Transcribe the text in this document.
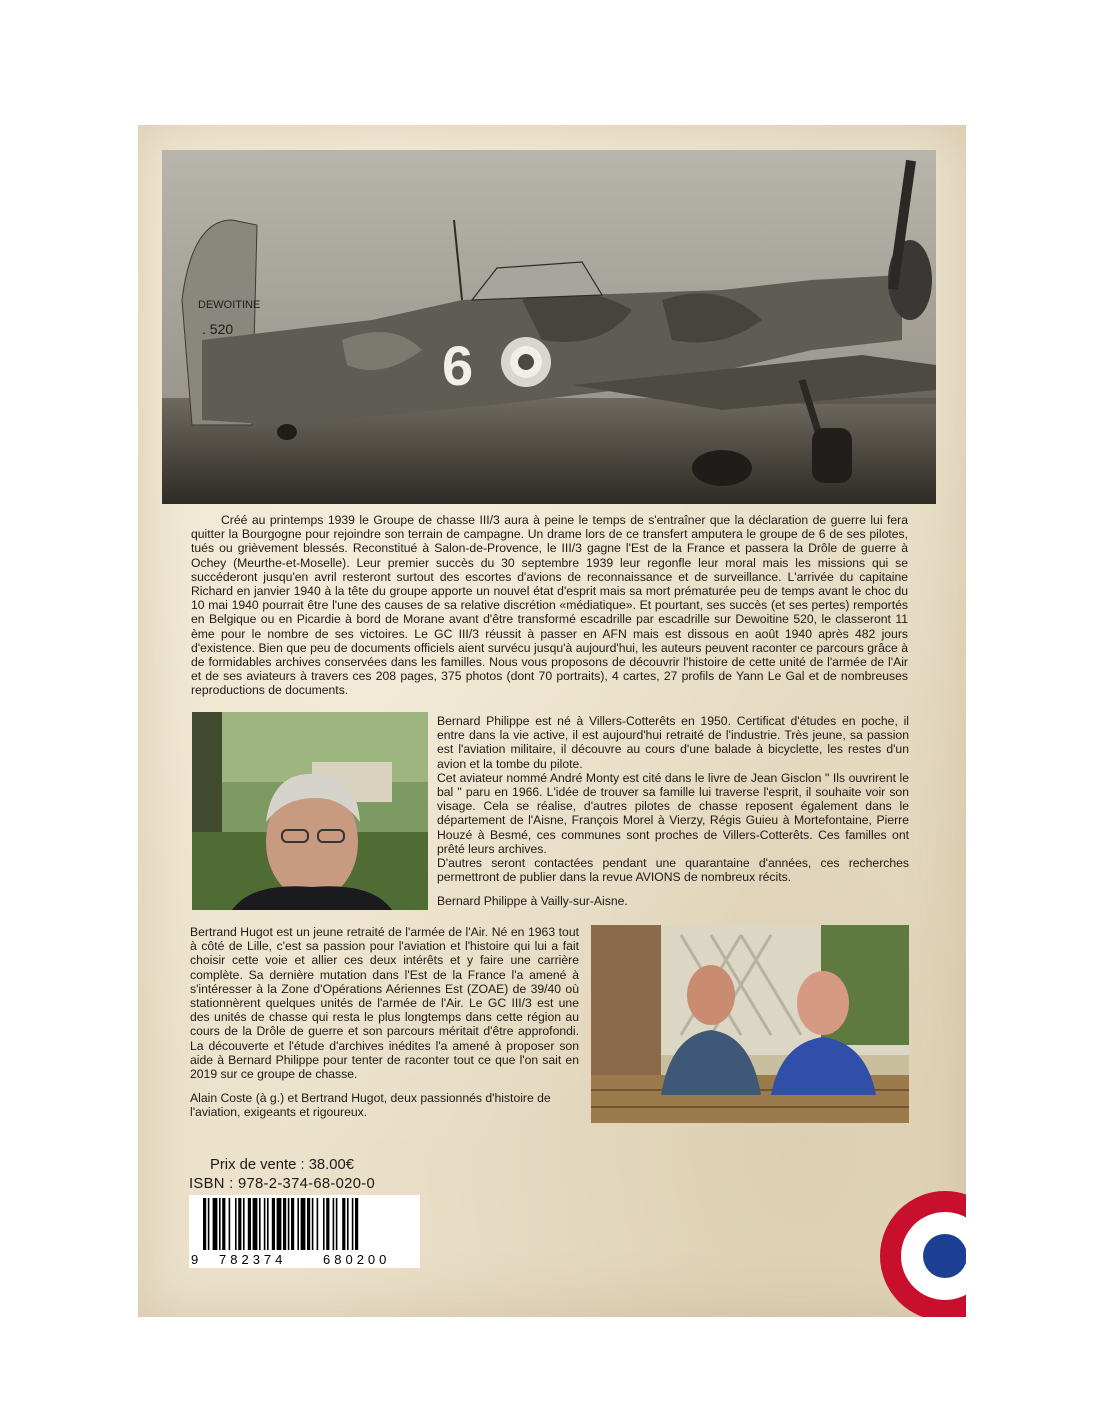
DEWOITINE
. 520
6

Créé au printemps 1939 le Groupe de chasse III/3 aura à peine le temps de s'entraîner que la déclaration de guerre lui fera quitter la Bourgogne pour rejoindre son terrain de campagne. Un drame lors de ce transfert amputera le groupe de 6 de ses pilotes, tués ou grièvement blessés. Reconstitué à Salon-de-Provence, le III/3 gagne l'Est de la France et passera la Drôle de guerre à Ochey (Meurthe-et-Moselle). Leur premier succès du 30 septembre 1939 leur regonfle leur moral mais les missions qui se succéderont jusqu'en avril resteront surtout des escortes d'avions de reconnaissance et de surveillance. L'arrivée du capitaine Richard en janvier 1940 à la tête du groupe apporte un nouvel état d'esprit mais sa mort prématurée peu de temps avant le choc du 10 mai 1940 pourrait être l'une des causes de sa relative discrétion «médiatique». Et pourtant, ses succès (et ses pertes) remportés en Belgique ou en Picardie à bord de Morane avant d'être transformé escadrille par escadrille sur Dewoitine 520, le classeront 11 ème pour le nombre de ses victoires. Le GC III/3 réussit à passer en AFN mais est dissous en août 1940 après 482 jours d'existence. Bien que peu de documents officiels aient survécu jusqu'à aujourd'hui, les auteurs peuvent raconter ce parcours grâce à de formidables archives conservées dans les familles. Nous vous proposons de découvrir l'histoire de cette unité de l'armée de l'Air et de ses aviateurs à travers ces 208 pages, 375 photos (dont 70 portraits), 4 cartes, 27 profils de Yann Le Gal et de nombreuses reproductions de documents.

Bernard Philippe est né à Villers-Cotterêts en 1950. Certificat d'études en poche, il entre dans la vie active, il est aujourd'hui retraité de l'industrie. Très jeune, sa passion est l'aviation militaire, il découvre au cours d'une balade à bicyclette, les restes d'un avion et la tombe du pilote.

Cet aviateur nommé André Monty est cité dans le livre de Jean Gisclon " Ils ouvrirent le bal " paru en 1966. L'idée de trouver sa famille lui traverse l'esprit, il souhaite voir son visage. Cela se réalise, d'autres pilotes de chasse reposent également dans le département de l'Aisne, François Morel à Vierzy, Régis Guieu à Mortefontaine, Pierre Houzé à Besmé, ces communes sont proches de Villers-Cotterêts. Ces familles ont prêté leurs archives.

D'autres seront contactées pendant une quarantaine d'années, ces recherches permettront de publier dans la revue AVIONS de nombreux récits.

Bernard Philippe à Vailly-sur-Aisne.

Bertrand Hugot est un jeune retraité de l'armée de l'Air. Né en 1963 tout à côté de Lille, c'est sa passion pour l'aviation et l'histoire qui lui a fait choisir cette voie et allier ces deux intérêts et y faire une carrière complète. Sa dernière mutation dans l'Est de la France l'a amené à s'intéresser à la Zone d'Opérations Aériennes Est (ZOAE) de 39/40 où stationnèrent quelques unités de l'armée de l'Air. Le GC III/3 est une des unités de chasse qui resta le plus longtemps dans cette région au cours de la Drôle de guerre et son parcours méritait d'être approfondi. La découverte et l'étude d'archives inédites l'a amené à proposer son aide à Bernard Philippe pour tenter de raconter tout ce que l'on sait en 2019 sur ce groupe de chasse.

Alain Coste (à g.) et Bertrand Hugot, deux passionnés d'histoire de l'aviation, exigeants et rigoureux.
Prix de vente : 38.00€
ISBN : 978-2-374-68-020-0
9 782374	680200
